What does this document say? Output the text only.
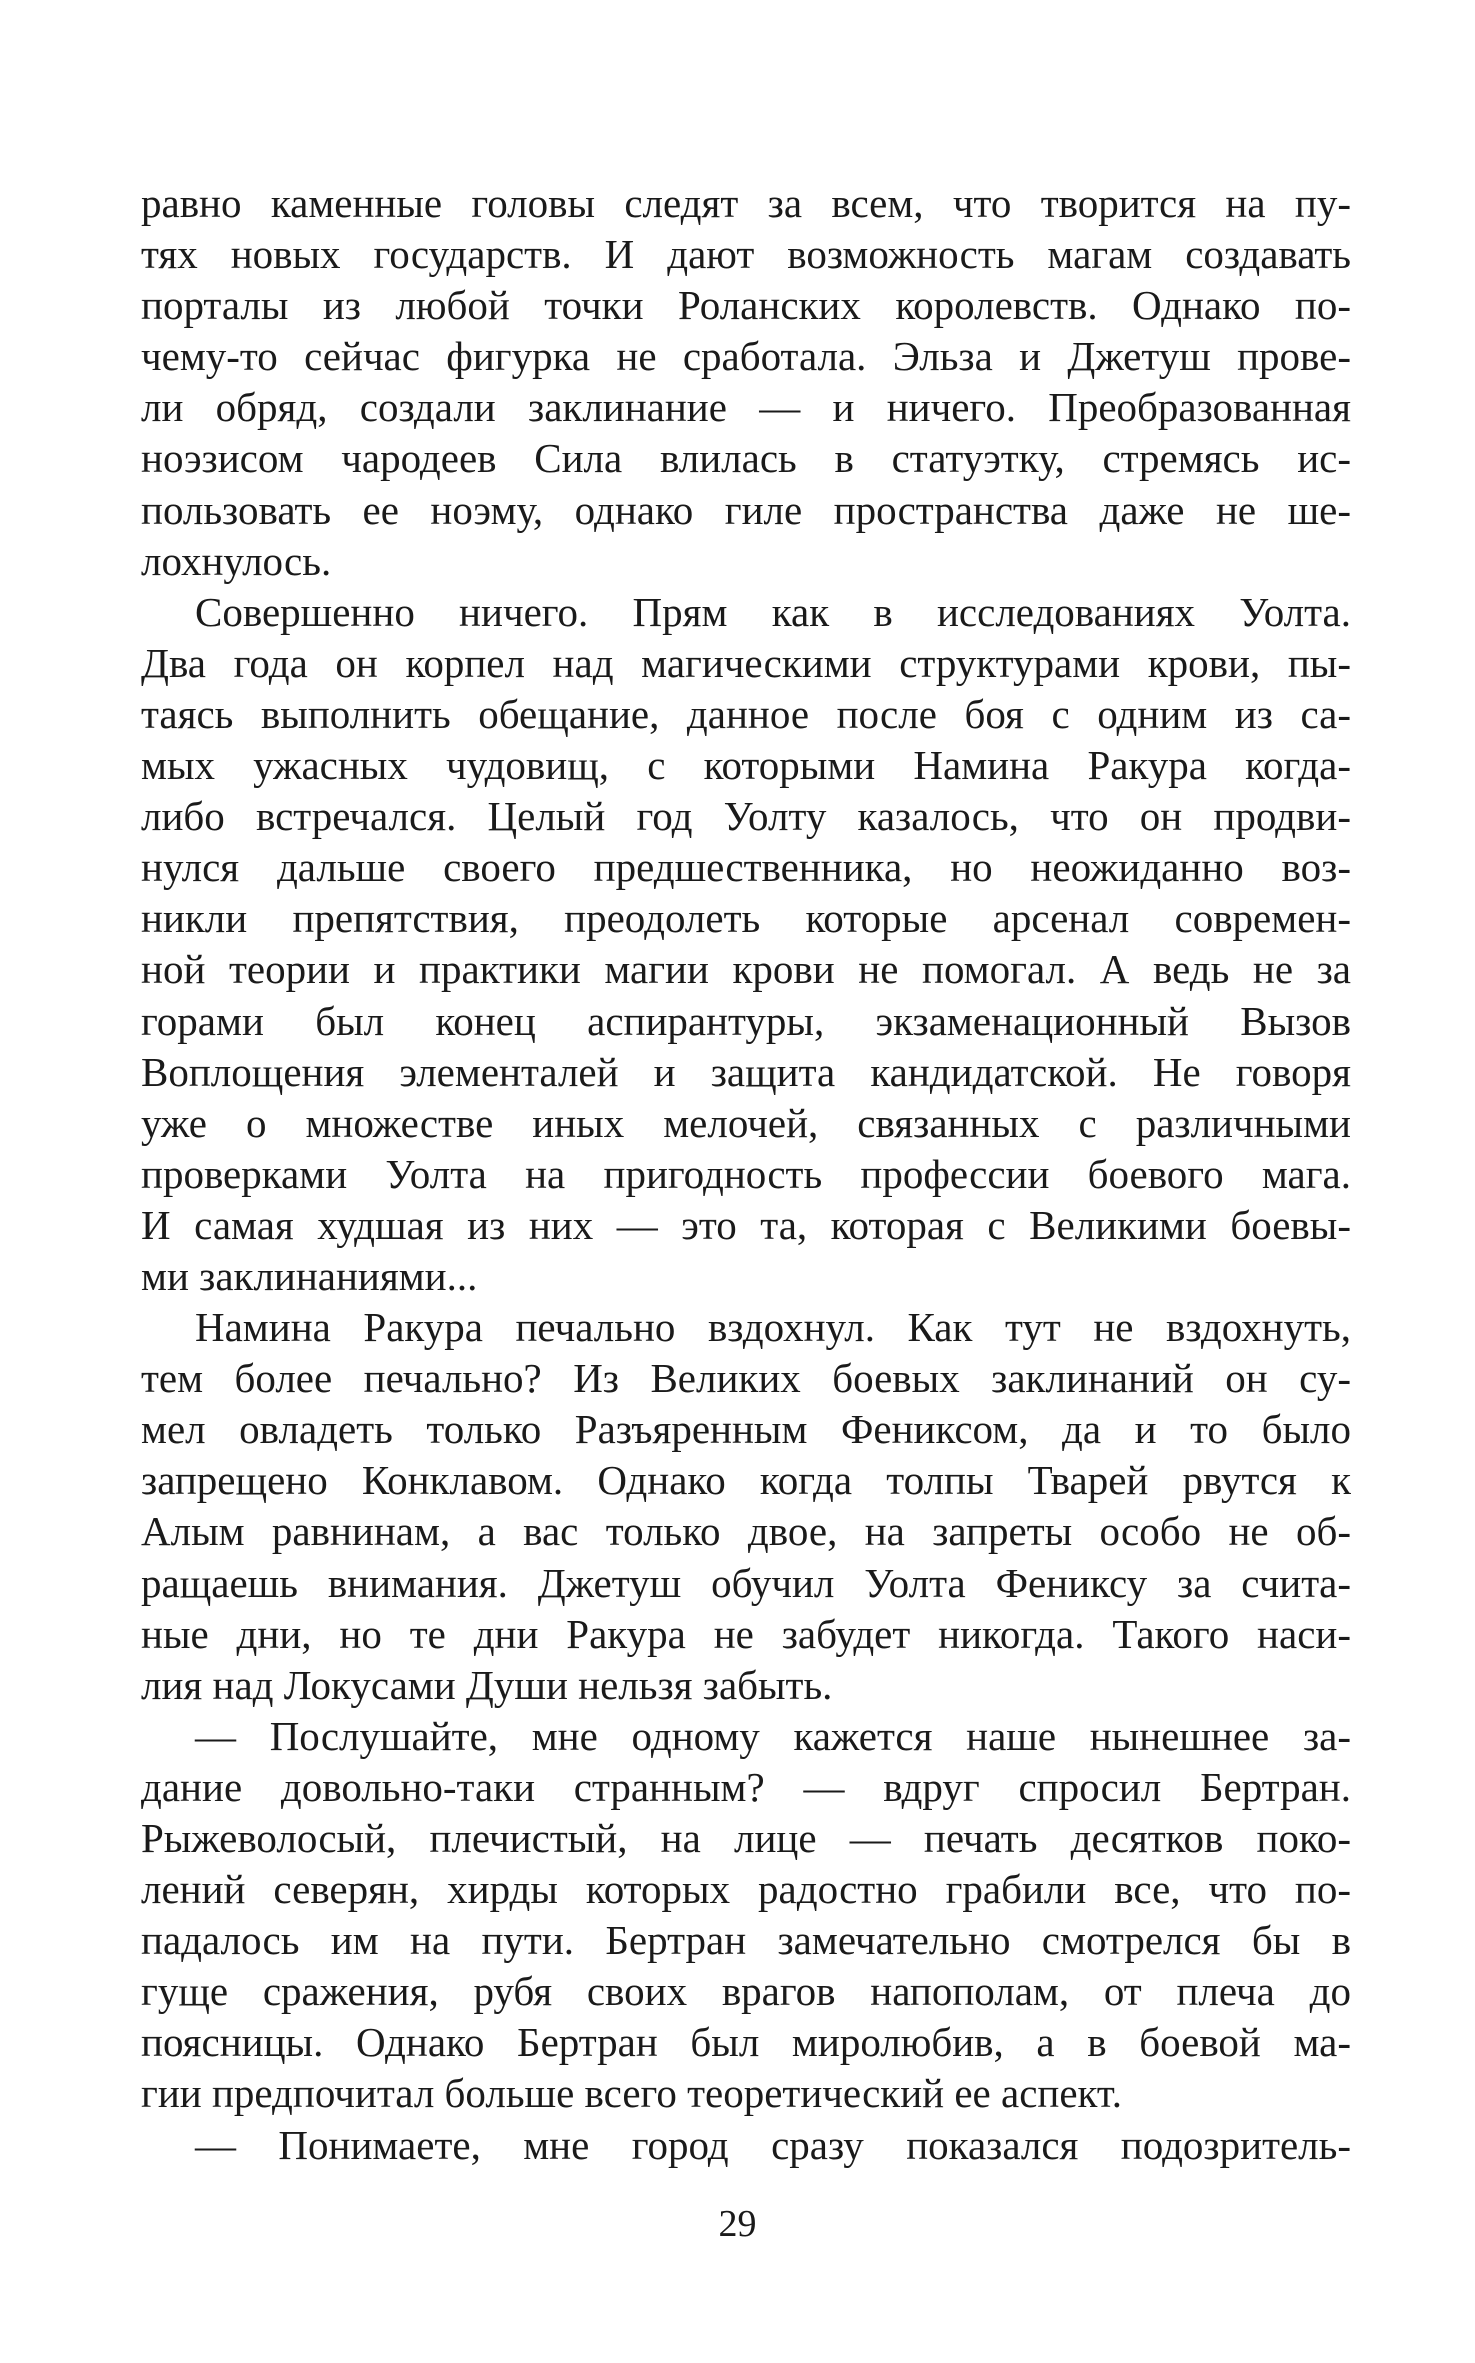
равно каменные головы следят за всем, что творится на пу-
тях новых государств. И дают возможность магам создавать
порталы из любой точки Роланских королевств. Однако по-
чему-то сейчас фигурка не сработала. Эльза и Джетуш прове-
ли обряд, создали заклинание — и ничего. Преобразованная
ноэзисом чародеев Сила влилась в статуэтку, стремясь ис-
пользовать ее ноэму, однако гиле пространства даже не ше-
лохнулось.
Совершенно ничего. Прям как в исследованиях Уолта.
Два года он корпел над магическими структурами крови, пы-
таясь выполнить обещание, данное после боя с одним из са-
мых ужасных чудовищ, с которыми Намина Ракура когда-
либо встречался. Целый год Уолту казалось, что он продви-
нулся дальше своего предшественника, но неожиданно воз-
никли препятствия, преодолеть которые арсенал современ-
ной теории и практики магии крови не помогал. А ведь не за
горами был конец аспирантуры, экзаменационный Вызов
Воплощения элементалей и защита кандидатской. Не говоря
уже о множестве иных мелочей, связанных с различными
проверками Уолта на пригодность профессии боевого мага.
И самая худшая из них — это та, которая с Великими боевы-
ми заклинаниями...
Намина Ракура печально вздохнул. Как тут не вздохнуть,
тем более печально? Из Великих боевых заклинаний он су-
мел овладеть только Разъяренным Фениксом, да и то было
запрещено Конклавом. Однако когда толпы Тварей рвутся к
Алым равнинам, а вас только двое, на запреты особо не об-
ращаешь внимания. Джетуш обучил Уолта Фениксу за считa-
ные дни, но те дни Ракура не забудет никогда. Такого наси-
лия над Локусами Души нельзя забыть.
— Послушайте, мне одному кажется наше нынешнее за-
дание довольно-таки странным? — вдруг спросил Бертран.
Рыжеволосый, плечистый, на лице — печать десятков поко-
лений северян, хирды которых радостно грабили все, что по-
падалось им на пути. Бертран замечательно смотрелся бы в
гуще сражения, рубя своих врагов напополам, от плеча до
поясницы. Однако Бертран был миролюбив, а в боевой ма-
гии предпочитал больше всего теоретический ее аспект.
— Понимаете, мне город сразу показался подозритель-
29
